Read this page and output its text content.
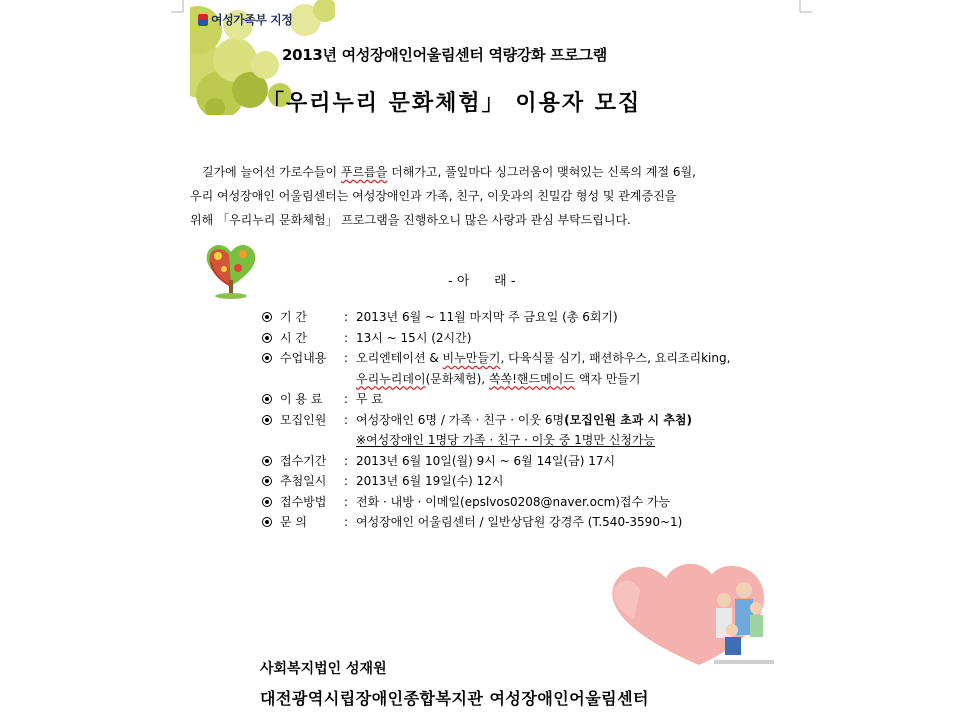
여성가족부 지정
2013년 여성장애인어울림센터 역량강화 프로그램
「우리누리 문화체험」 이용자 모집

길가에 늘어선 가로수들이 푸르름을 더해가고, 풀잎마다 싱그러움이 맺혀있는 신록의 계절 6월,

우리 여성장애인 어울림센터는 여성장애인과 가족, 친구, 이웃과의 친밀감 형성 및 관계증진을

위해 「우리누리 문화체험」 프로그램을 진행하오니 많은 사랑과 관심 부탁드립니다.

- 아      래 -
기 간	: 2013년 6월 ~ 11월 마지막 주 금요일 (총 6회기)
시 간	: 13시 ~ 15시 (2시간)
수업내용 : 오리엔테이션 & 비누만들기, 다육식물 심기, 패션하우스, 요리조리king,
우리누리데이(문화체험), 쏙쏙!핸드메이드 액자 만들기
이 용 료 : 무 료
모집인원 : 여성장애인 6명 / 가족 · 친구 · 이웃 6명(모집인원 초과 시 추첨)
※여성장애인 1명당 가족 · 친구 · 이웃 중 1명만 신청가능
접수기간 : 2013년 6월 10일(월) 9시 ~ 6월 14일(금) 17시
추첨일시 : 2013년 6월 19일(수) 12시
접수방법 : 전화 · 내방 · 이메일(epslvos0208@naver.ocm)접수 가능
문 의	: 여성장애인 어울림센터 / 일반상담원 강경주 (T.540-3590~1)
사회복지법인 성재원
대전광역시립장애인종합복지관 여성장애인어울림센터
